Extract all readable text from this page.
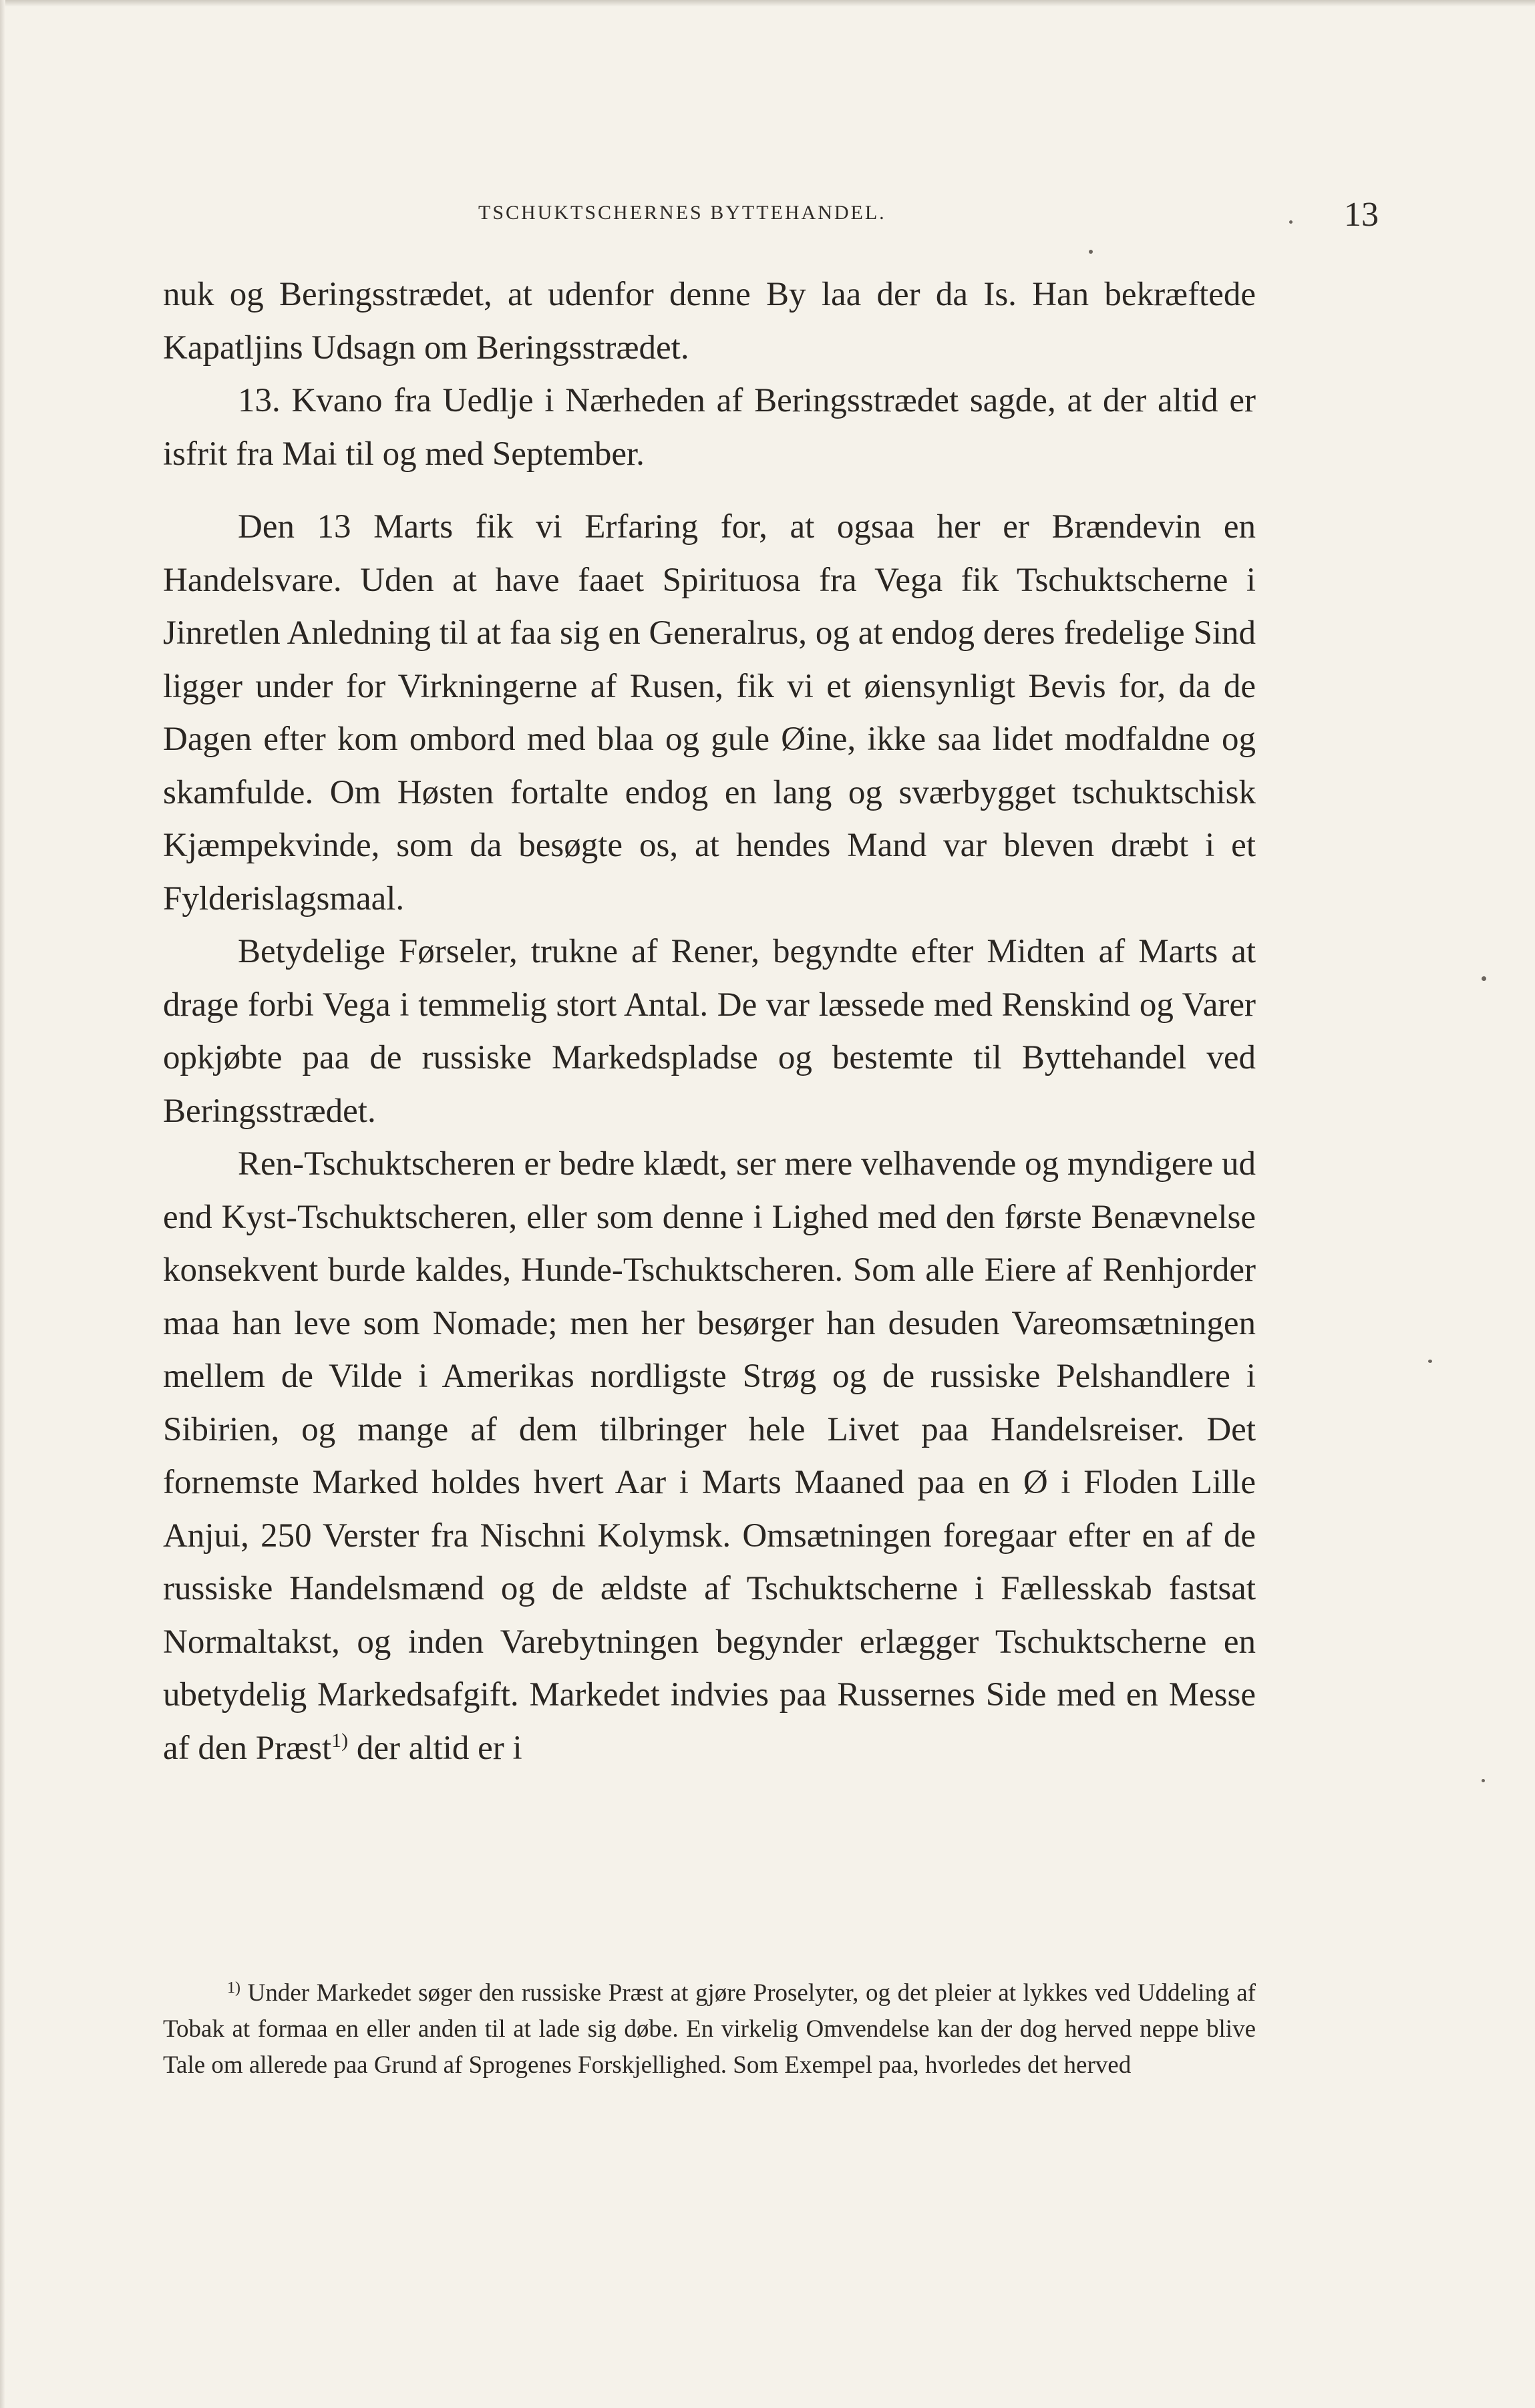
TSCHUKTSCHERNES BYTTEHANDEL.	13

nuk og Beringsstrædet, at udenfor denne By laa der da Is. Han bekræftede Kapatljins Udsagn om Beringsstrædet.

13. Kvano fra Uedlje i Nærheden af Beringsstrædet sagde, at der altid er isfrit fra Mai til og med September.

Den 13 Marts fik vi Erfaring for, at ogsaa her er Brændevin en Handelsvare. Uden at have faaet Spirituosa fra Vega fik Tschuktscherne i Jinretlen Anledning til at faa sig en Generalrus, og at endog deres fredelige Sind ligger under for Virkningerne af Rusen, fik vi et øiensynligt Bevis for, da de Dagen efter kom ombord med blaa og gule Øine, ikke saa lidet modfaldne og skamfulde. Om Høsten fortalte endog en lang og sværbygget tschuktschisk Kjæmpekvinde, som da besøgte os, at hendes Mand var bleven dræbt i et Fylderislagsmaal.

Betydelige Førseler, trukne af Rener, begyndte efter Midten af Marts at drage forbi Vega i temmelig stort Antal. De var læssede med Renskind og Varer opkjøbte paa de russiske Markedspladse og bestemte til Byttehandel ved Beringsstrædet.

Ren-Tschuktscheren er bedre klædt, ser mere velhavende og myndigere ud end Kyst-Tschuktscheren, eller som denne i Lighed med den første Benævnelse konsekvent burde kaldes, Hunde-Tschuktscheren. Som alle Eiere af Renhjorder maa han leve som Nomade; men her besørger han desuden Vareomsætningen mellem de Vilde i Amerikas nordligste Strøg og de russiske Pelshandlere i Sibirien, og mange af dem tilbringer hele Livet paa Handelsreiser. Det fornemste Marked holdes hvert Aar i Marts Maaned paa en Ø i Floden Lille Anjui, 250 Verster fra Nischni Kolymsk. Omsætningen foregaar efter en af de russiske Handelsmænd og de ældste af Tschuktscherne i Fællesskab fastsat Normaltakst, og inden Varebytningen begynder erlægger Tschuktscherne en ubetydelig Markedsafgift. Markedet indvies paa Russernes Side med en Messe af den Præst$^{1)}$ der altid er i

$^{1)}$ Under Markedet søger den russiske Præst at gjøre Proselyter, og det pleier at lykkes ved Uddeling af Tobak at formaa en eller anden til at lade sig døbe. En virkelig Omvendelse kan der dog herved neppe blive Tale om allerede paa Grund af Sprogenes Forskjellighed. Som Exempel paa, hvorledes det herved
